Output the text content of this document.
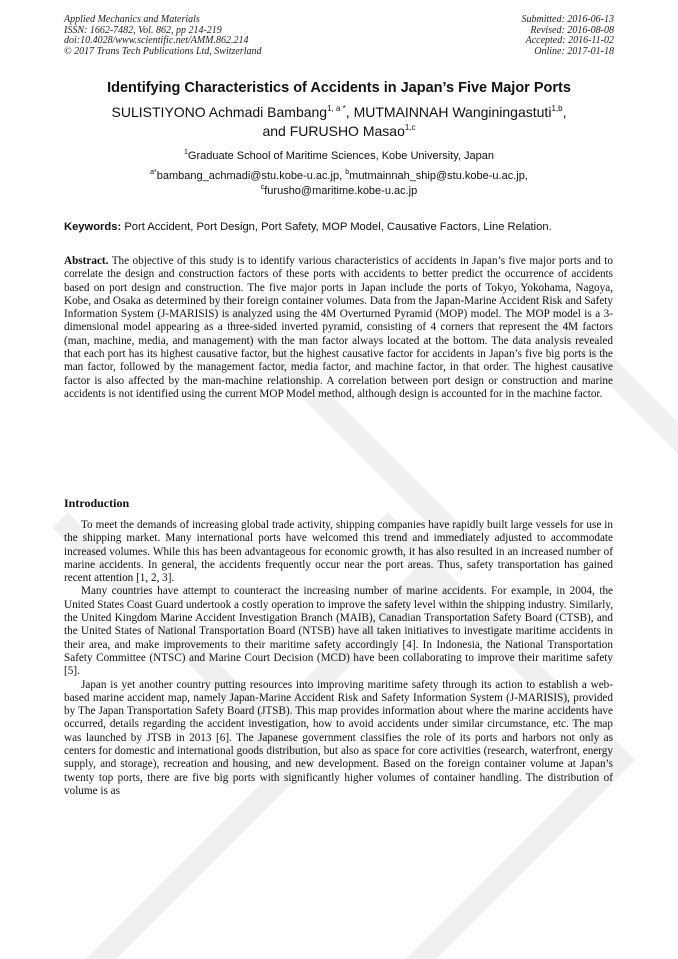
Applied Mechanics and Materials
ISSN: 1662-7482, Vol. 862, pp 214-219
doi:10.4028/www.scientific.net/AMM.862.214
© 2017 Trans Tech Publications Ltd, Switzerland
Submitted: 2016-06-13
Revised: 2016-08-08
Accepted: 2016-11-02
Online: 2017-01-18
Identifying Characteristics of Accidents in Japan’s Five Major Ports
SULISTIYONO Achmadi Bambang$^{1, a *}$, MUTMAINNAH Wanginingastuti$^{1,b}$,
and FURUSHO Masao$^{1,c}$
$^1$Graduate School of Maritime Sciences, Kobe University, Japan
$^{a*}$bambang_achmadi@stu.kobe-u.ac.jp, $^b$mutmainnah_ship@stu.kobe-u.ac.jp,
$^c$furusho@maritime.kobe-u.ac.jp
Keywords: Port Accident, Port Design, Port Safety, MOP Model, Causative Factors, Line Relation.
Abstract. The objective of this study is to identify various characteristics of accidents in Japan’s five major ports and to correlate the design and construction factors of these ports with accidents to better predict the occurrence of accidents based on port design and construction. The five major ports in Japan include the ports of Tokyo, Yokohama, Nagoya, Kobe, and Osaka as determined by their foreign container volumes. Data from the Japan-Marine Accident Risk and Safety Information System (J-MARISIS) is analyzed using the 4M Overturned Pyramid (MOP) model. The MOP model is a 3-dimensional model appearing as a three-sided inverted pyramid, consisting of 4 corners that represent the 4M factors (man, machine, media, and management) with the man factor always located at the bottom. The data analysis revealed that each port has its highest causative factor, but the highest causative factor for accidents in Japan’s five big ports is the man factor, followed by the management factor, media factor, and machine factor, in that order. The highest causative factor is also affected by the man-machine relationship. A correlation between port design or construction and marine accidents is not identified using the current MOP Model method, although design is accounted for in the machine factor.
Introduction

To meet the demands of increasing global trade activity, shipping companies have rapidly built large vessels for use in the shipping market. Many international ports have welcomed this trend and immediately adjusted to accommodate increased volumes. While this has been advantageous for economic growth, it has also resulted in an increased number of marine accidents. In general, the accidents frequently occur near the port areas. Thus, safety transportation has gained recent attention [1, 2, 3].

Many countries have attempt to counteract the increasing number of marine accidents. For example, in 2004, the United States Coast Guard undertook a costly operation to improve the safety level within the shipping industry. Similarly, the United Kingdom Marine Accident Investigation Branch (MAIB), Canadian Transportation Safety Board (CTSB), and the United States of National Transportation Board (NTSB) have all taken initiatives to investigate maritime accidents in their area, and make improvements to their maritime safety accordingly [4]. In Indonesia, the National Transportation Safety Committee (NTSC) and Marine Court Decision (MCD) have been collaborating to improve their maritime safety [5].

Japan is yet another country putting resources into improving maritime safety through its action to establish a web-based marine accident map, namely Japan-Marine Accident Risk and Safety Information System (J-MARISIS), provided by The Japan Transportation Safety Board (JTSB). This map provides information about where the marine accidents have occurred, details regarding the accident investigation, how to avoid accidents under similar circumstance, etc. The map was launched by JTSB in 2013 [6]. The Japanese government classifies the role of its ports and harbors not only as centers for domestic and international goods distribution, but also as space for core activities (research, waterfront, energy supply, and storage), recreation and housing, and new development. Based on the foreign container volume at Japan’s twenty top ports, there are five big ports with significantly higher volumes of container handling. The distribution of volume is as
